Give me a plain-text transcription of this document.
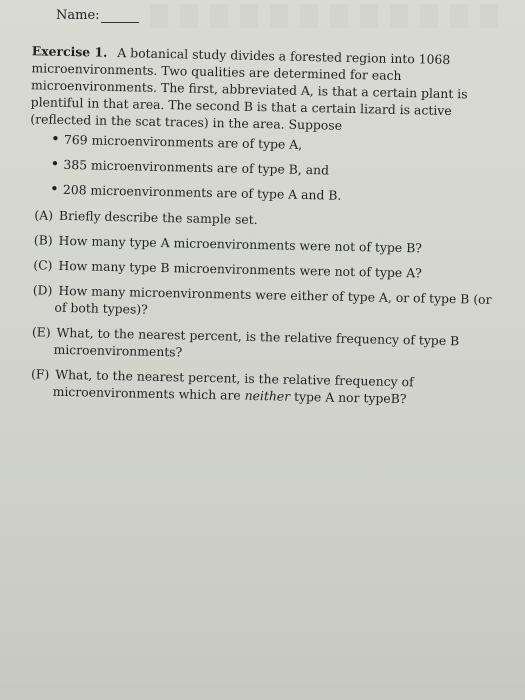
Name:

Exercise 1. A botanical study divides a forested region into 1068 microenvironments. Two qualities are determined for each microenvironments. The first, abbreviated A, is that a certain plant is plentiful in that area. The second B is that a certain lizard is active (reflected in the scat traces) in the area. Suppose

• 769 microenvironments are of type A,
• 385 microenvironments are of type B, and
• 208 microenvironments are of type A and B.

(A) Briefly describe the sample set.

(B) How many type A microenvironments were not of type B?

(C) How many type B microenvironments were not of type A?

(D) How many microenvironments were either of type A, or of type B (or of both types)?

(E) What, to the nearest percent, is the relative frequency of type B microenvironments?

(F) What, to the nearest percent, is the relative frequency of microenvironments which are neither type A nor typeB?
